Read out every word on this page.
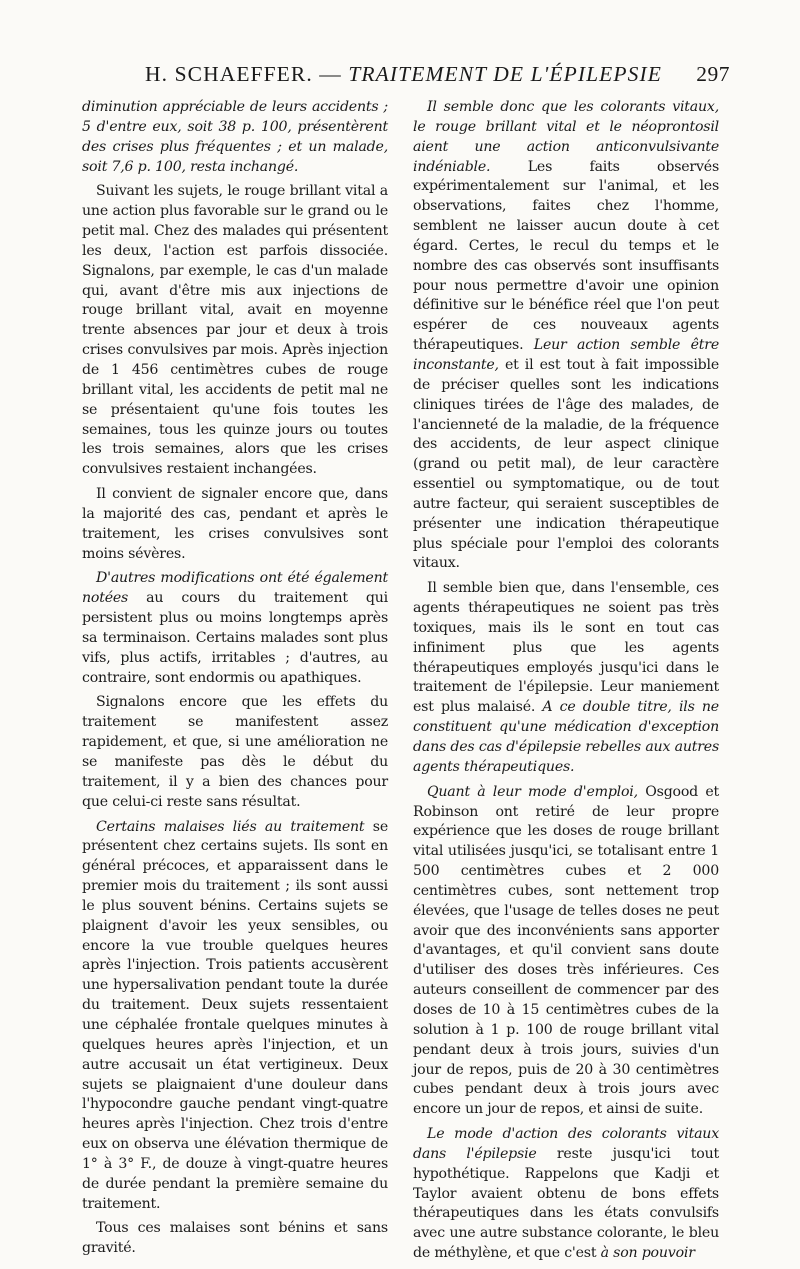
H. SCHAEFFER. — TRAITEMENT DE L'ÉPILEPSIE 297

diminution appréciable de leurs accidents ; 5 d'entre eux, soit 38 p. 100, présentèrent des crises plus fréquentes ; et un malade, soit 7,6 p. 100, resta inchangé.

Suivant les sujets, le rouge brillant vital a une action plus favorable sur le grand ou le petit mal. Chez des malades qui présentent les deux, l'action est parfois dissociée. Signalons, par exemple, le cas d'un malade qui, avant d'être mis aux injections de rouge brillant vital, avait en moyenne trente absences par jour et deux à trois crises convulsives par mois. Après injection de 1 456 centimètres cubes de rouge brillant vital, les accidents de petit mal ne se présentaient qu'une fois toutes les semaines, tous les quinze jours ou toutes les trois semaines, alors que les crises convulsives restaient inchangées.

Il convient de signaler encore que, dans la majorité des cas, pendant et après le traitement, les crises convulsives sont moins sévères.

D'autres modifications ont été également notées au cours du traitement qui persistent plus ou moins longtemps après sa terminaison. Certains malades sont plus vifs, plus actifs, irritables ; d'autres, au contraire, sont endormis ou apathiques.

Signalons encore que les effets du traitement se manifestent assez rapidement, et que, si une amélioration ne se manifeste pas dès le début du traitement, il y a bien des chances pour que celui-ci reste sans résultat.

Certains malaises liés au traitement se présentent chez certains sujets. Ils sont en général précoces, et apparaissent dans le premier mois du traitement ; ils sont aussi le plus souvent bénins. Certains sujets se plaignent d'avoir les yeux sensibles, ou encore la vue trouble quelques heures après l'injection. Trois patients accusèrent une hypersalivation pendant toute la durée du traitement. Deux sujets ressentaient une céphalée frontale quelques minutes à quelques heures après l'injection, et un autre accusait un état vertigineux. Deux sujets se plaignaient d'une douleur dans l'hypocondre gauche pendant vingt-quatre heures après l'injection. Chez trois d'entre eux on observa une élévation thermique de 1° à 3° F., de douze à vingt-quatre heures de durée pendant la première semaine du traitement.

Tous ces malaises sont bénins et sans gravité.

Il semble donc que les colorants vitaux, le rouge brillant vital et le néoprontosil aient une action anticonvulsivante indéniable. Les faits observés expérimentalement sur l'animal, et les observations, faites chez l'homme, semblent ne laisser aucun doute à cet égard. Certes, le recul du temps et le nombre des cas observés sont insuffisants pour nous permettre d'avoir une opinion définitive sur le bénéfice réel que l'on peut espérer de ces nouveaux agents thérapeutiques. Leur action semble être inconstante, et il est tout à fait impossible de préciser quelles sont les indications cliniques tirées de l'âge des malades, de l'ancienneté de la maladie, de la fréquence des accidents, de leur aspect clinique (grand ou petit mal), de leur caractère essentiel ou symptomatique, ou de tout autre facteur, qui seraient susceptibles de présenter une indication thérapeutique plus spéciale pour l'emploi des colorants vitaux.

Il semble bien que, dans l'ensemble, ces agents thérapeutiques ne soient pas très toxiques, mais ils le sont en tout cas infiniment plus que les agents thérapeutiques employés jusqu'ici dans le traitement de l'épilepsie. Leur maniement est plus malaisé. A ce double titre, ils ne constituent qu'une médication d'exception dans des cas d'épilepsie rebelles aux autres agents thérapeutiques.

Quant à leur mode d'emploi, Osgood et Robinson ont retiré de leur propre expérience que les doses de rouge brillant vital utilisées jusqu'ici, se totalisant entre 1 500 centimètres cubes et 2 000 centimètres cubes, sont nettement trop élevées, que l'usage de telles doses ne peut avoir que des inconvénients sans apporter d'avantages, et qu'il convient sans doute d'utiliser des doses très inférieures. Ces auteurs conseillent de commencer par des doses de 10 à 15 centimètres cubes de la solution à 1 p. 100 de rouge brillant vital pendant deux à trois jours, suivies d'un jour de repos, puis de 20 à 30 centimètres cubes pendant deux à trois jours avec encore un jour de repos, et ainsi de suite.

Le mode d'action des colorants vitaux dans l'épilepsie reste jusqu'ici tout hypothétique. Rappelons que Kadji et Taylor avaient obtenu de bons effets thérapeutiques dans les états convulsifs avec une autre substance colorante, le bleu de méthylène, et que c'est à son pouvoir
